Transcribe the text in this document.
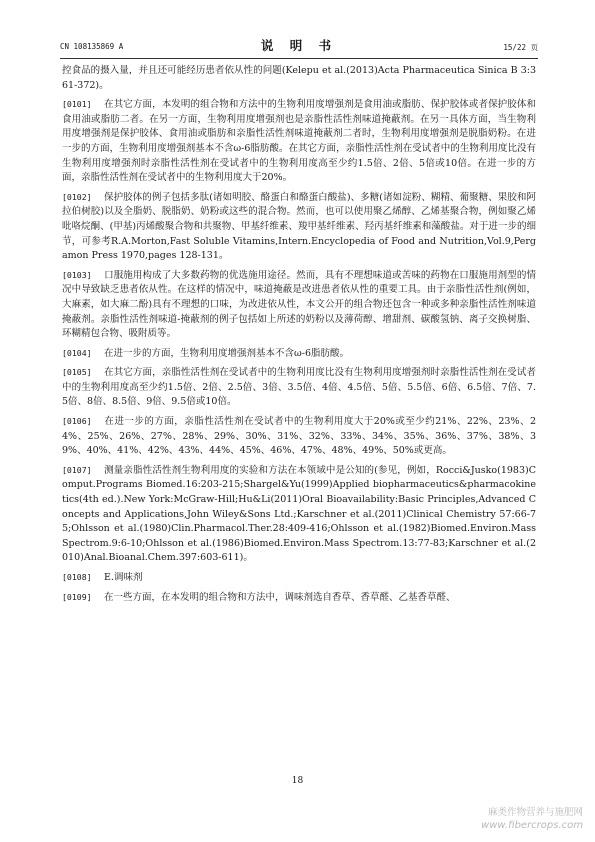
CN 108135869 A	说 明 书	15/22 页

控食品的摄入量，并且还可能经历患者依从性的问题(Kelepu et al.(2013)Acta Pharmaceutica Sinica B 3:361-372)。

[0101] 在其它方面，本发明的组合物和方法中的生物利用度增强剂是食用油或脂肪、保护胶体或者保护胶体和食用油或脂肪二者。在另一方面，生物利用度增强剂也是亲脂性活性剂味道掩蔽剂。在另一具体方面，当生物利用度增强剂是保护胶体、食用油或脂肪和亲脂性活性剂味道掩蔽剂二者时，生物利用度增强剂是脱脂奶粉。在进一步的方面，生物利用度增强剂基本不含ω-6脂肪酸。在其它方面，亲脂性活性剂在受试者中的生物利用度比没有生物利用度增强剂时亲脂性活性剂在受试者中的生物利用度高至少约1.5倍、2倍、5倍或10倍。在进一步的方面，亲脂性活性剂在受试者中的生物利用度大于20%。

[0102] 保护胶体的例子包括多肽(诸如明胶、酪蛋白和酪蛋白酸盐)、多糖(诸如淀粉、糊精、葡聚糖、果胶和阿拉伯树胶)以及全脂奶、脱脂奶、奶粉或这些的混合物。然而，也可以使用聚乙烯醇、乙烯基聚合物，例如聚乙烯吡咯烷酮、(甲基)丙烯酸聚合物和共聚物、甲基纤维素、羧甲基纤维素、羟丙基纤维素和藻酸盐。对于进一步的细节，可参考R.A.Morton,Fast Soluble Vitamins,Intern.Encyclopedia of Food and Nutrition,Vol.9,Pergamon Press 1970,pages 128-131。

[0103] 口服施用构成了大多数药物的优选施用途径。然而，具有不理想味道或苦味的药物在口服施用剂型的情况中导致缺乏患者依从性。在这样的情况中，味道掩蔽是改进患者依从性的重要工具。由于亲脂性活性剂(例如，大麻素，如大麻二酚)具有不理想的口味，为改进依从性，本文公开的组合物还包含一种或多种亲脂性活性剂味道掩蔽剂。亲脂性活性剂味道-掩蔽剂的例子包括如上所述的奶粉以及薄荷醇、增甜剂、碳酸氢钠、离子交换树脂、环糊精包合物、吸附质等。

[0104] 在进一步的方面，生物利用度增强剂基本不含ω-6脂肪酸。

[0105] 在其它方面，亲脂性活性剂在受试者中的生物利用度比没有生物利用度增强剂时亲脂性活性剂在受试者中的生物利用度高至少约1.5倍、2倍、2.5倍、3倍、3.5倍、4倍、4.5倍、5倍、5.5倍、6倍、6.5倍、7倍、7.5倍、8倍、8.5倍、9倍、9.5倍或10倍。

[0106] 在进一步的方面，亲脂性活性剂在受试者中的生物利用度大于20%或至少约21%、22%、23%、24%、25%、26%、27%、28%、29%、30%、31%、32%、33%、34%、35%、36%、37%、38%、39%、40%、41%、42%、43%、44%、45%、46%、47%、48%、49%、50%或更高。

[0107] 测量亲脂性活性剂生物利用度的实验和方法在本领域中是公知的(参见，例如，Rocci&Jusko(1983)Comput.Programs Biomed.16:203-215;Shargel&Yu(1999)Applied biopharmaceutics&pharmacokinetics(4th ed.).New York:McGraw-Hill;Hu&Li(2011)Oral Bioavailability:Basic Principles,Advanced Concepts and Applications,John Wiley&Sons Ltd.;Karschner et al.(2011)Clinical Chemistry 57:66-75;Ohlsson et al.(1980)Clin.Pharmacol.Ther.28:409-416;Ohlsson et al.(1982)Biomed.Environ.Mass Spectrom.9:6-10;Ohlsson et al.(1986)Biomed.Environ.Mass Spectrom.13:77-83;Karschner et al.(2010)Anal.Bioanal.Chem.397:603-611)。

[0108] E.调味剂

[0109] 在一些方面，在本发明的组合物和方法中，调味剂选自香草、香草醛、乙基香草醛、

18
麻类作物营养与施肥网
www.fibercrops.com
